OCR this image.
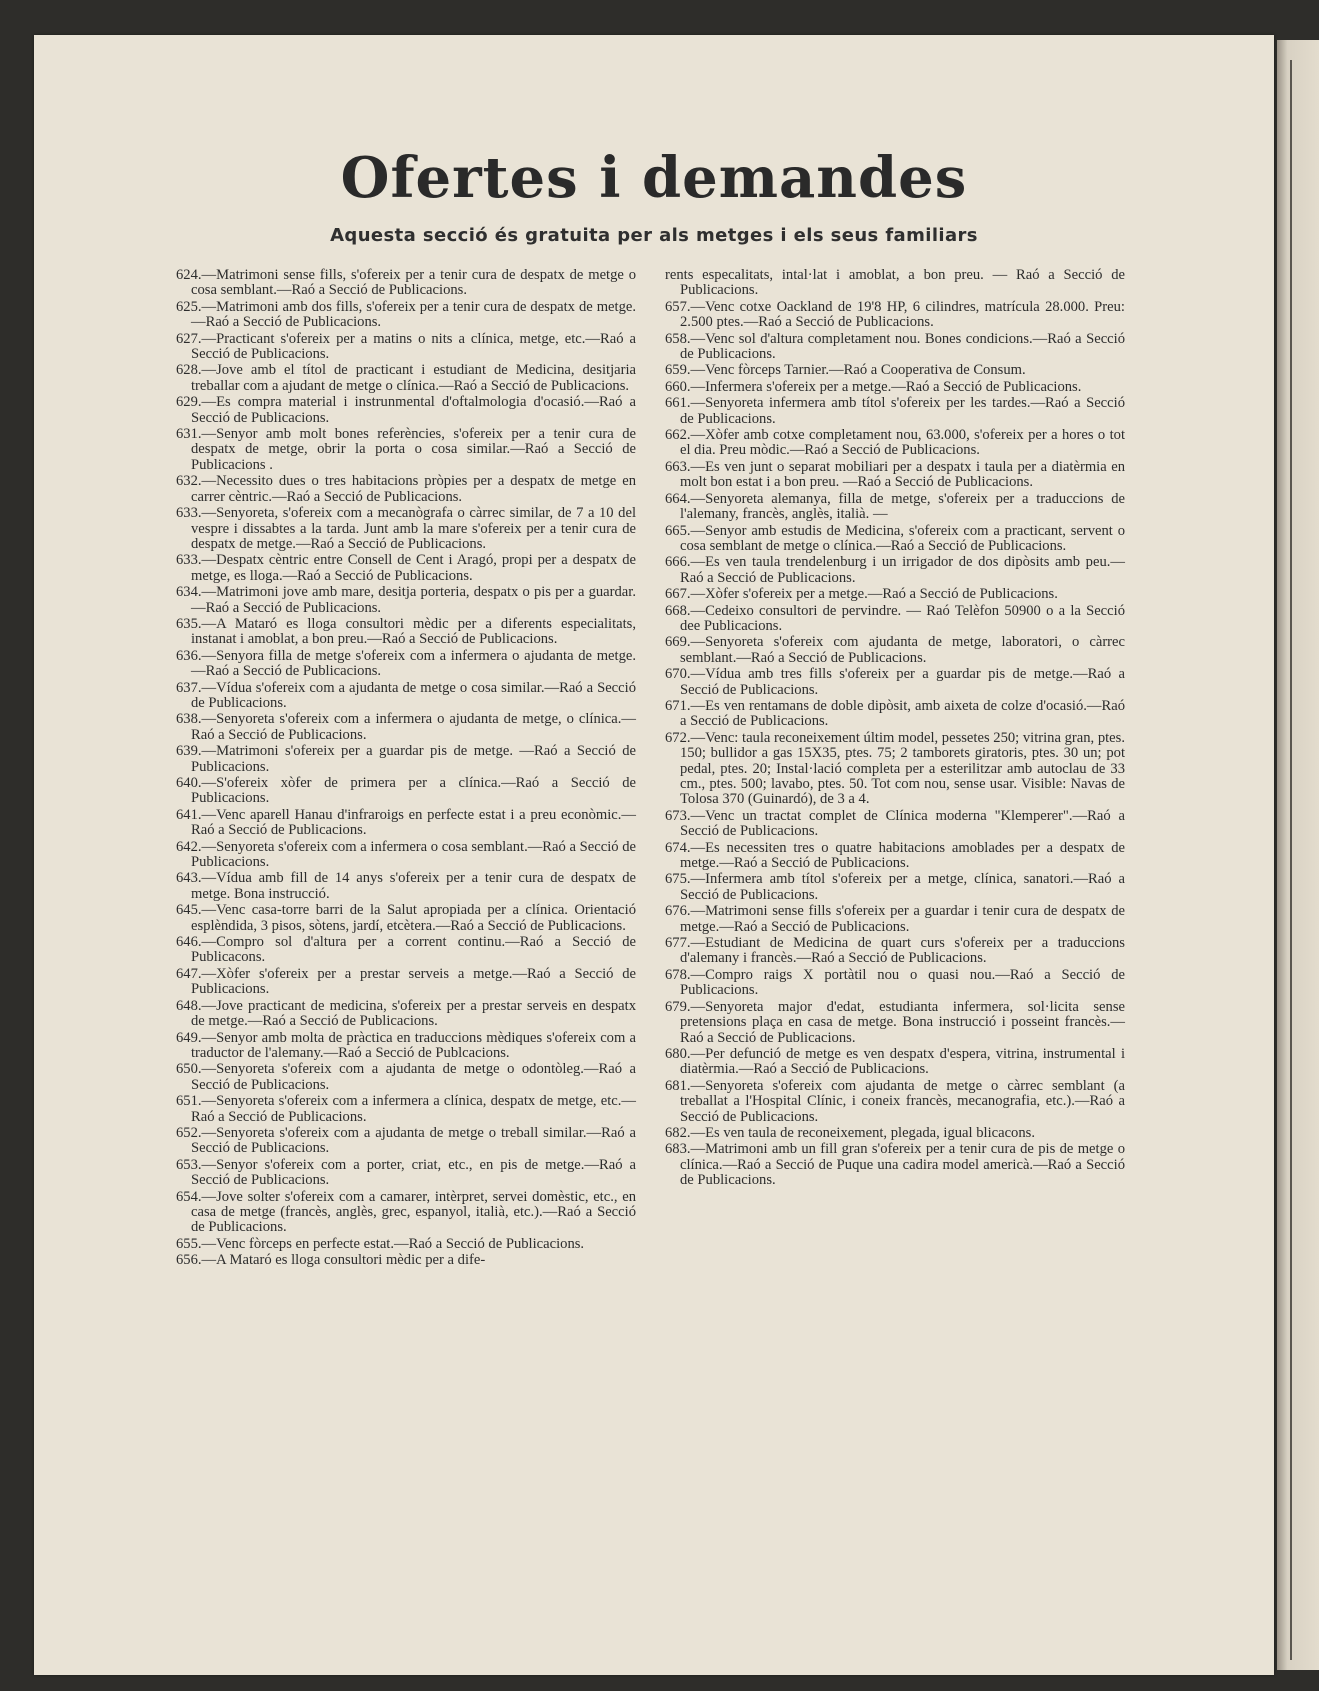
Ofertes i demandes
Aquesta secció és gratuita per als metges i els seus familiars

624.—Matrimoni sense fills, s'ofereix per a tenir cura de despatx de metge o cosa semblant.—Raó a Secció de Publicacions.

625.—Matrimoni amb dos fills, s'ofereix per a tenir cura de despatx de metge.—Raó a Secció de Publicacions.

627.—Practicant s'ofereix per a matins o nits a clínica, metge, etc.—Raó a Secció de Publicacions.

628.—Jove amb el títol de practicant i estudiant de Medicina, desitjaria treballar com a ajudant de metge o clínica.—Raó a Secció de Publicacions.

629.—Es compra material i instrunmental d'oftalmologia d'ocasió.—Raó a Secció de Publicacions.

631.—Senyor amb molt bones referències, s'ofereix per a tenir cura de despatx de metge, obrir la porta o cosa similar.—Raó a Secció de Publicacions .

632.—Necessito dues o tres habitacions pròpies per a despatx de metge en carrer cèntric.—Raó a Secció de Publicacions.

633.—Senyoreta, s'ofereix com a mecanògrafa o càrrec similar, de 7 a 10 del vespre i dissabtes a la tarda. Junt amb la mare s'ofereix per a tenir cura de despatx de metge.—Raó a Secció de Publicacions.

633.—Despatx cèntric entre Consell de Cent i Aragó, propi per a despatx de metge, es lloga.—Raó a Secció de Publicacions.

634.—Matrimoni jove amb mare, desitja porteria, despatx o pis per a guardar.—Raó a Secció de Publicacions.

635.—A Mataró es lloga consultori mèdic per a diferents especialitats, instanat i amoblat, a bon preu.—Raó a Secció de Publicacions.

636.—Senyora filla de metge s'ofereix com a infermera o ajudanta de metge.—Raó a Secció de Publicacions.

637.—Vídua s'ofereix com a ajudanta de metge o cosa similar.—Raó a Secció de Publicacions.

638.—Senyoreta s'ofereix com a infermera o ajudanta de metge, o clínica.—Raó a Secció de Publicacions.

639.—Matrimoni s'ofereix per a guardar pis de metge. —Raó a Secció de Publicacions.

640.—S'ofereix xòfer de primera per a clínica.—Raó a Secció de Publicacions.

641.—Venc aparell Hanau d'infraroigs en perfecte estat i a preu econòmic.—Raó a Secció de Publicacions.

642.—Senyoreta s'ofereix com a infermera o cosa semblant.—Raó a Secció de Publicacions.

643.—Vídua amb fill de 14 anys s'ofereix per a tenir cura de despatx de metge. Bona instrucció.

645.—Venc casa-torre barri de la Salut apropiada per a clínica. Orientació esplèndida, 3 pisos, sòtens, jardí, etcètera.—Raó a Secció de Publicacions.

646.—Compro sol d'altura per a corrent continu.—Raó a Secció de Publicacons.

647.—Xòfer s'ofereix per a prestar serveis a metge.—Raó a Secció de Publicacions.

648.—Jove practicant de medicina, s'ofereix per a prestar serveis en despatx de metge.—Raó a Secció de Publicacions.

649.—Senyor amb molta de pràctica en traduccions mèdiques s'ofereix com a traductor de l'alemany.—Raó a Secció de Publcacions.

650.—Senyoreta s'ofereix com a ajudanta de metge o odontòleg.—Raó a Secció de Publicacions.

651.—Senyoreta s'ofereix com a infermera a clínica, despatx de metge, etc.—Raó a Secció de Publicacions.

652.—Senyoreta s'ofereix com a ajudanta de metge o treball similar.—Raó a Secció de Publicacions.

653.—Senyor s'ofereix com a porter, criat, etc., en pis de metge.—Raó a Secció de Publicacions.

654.—Jove solter s'ofereix com a camarer, intèrpret, servei domèstic, etc., en casa de metge (francès, anglès, grec, espanyol, italià, etc.).—Raó a Secció de Publicacions.

655.—Venc fòrceps en perfecte estat.—Raó a Secció de Publicacions.

656.—A Mataró es lloga consultori mèdic per a dife-

rents especalitats, intal·lat i amoblat, a bon preu. — Raó a Secció de Publicacions.

657.—Venc cotxe Oackland de 19'8 HP, 6 cilindres, matrícula 28.000. Preu: 2.500 ptes.—Raó a Secció de Publicacions.

658.—Venc sol d'altura completament nou. Bones condicions.—Raó a Secció de Publicacions.

659.—Venc fòrceps Tarnier.—Raó a Cooperativa de Consum.

660.—Infermera s'ofereix per a metge.—Raó a Secció de Publicacions.

661.—Senyoreta infermera amb títol s'ofereix per les tardes.—Raó a Secció de Publicacions.

662.—Xòfer amb cotxe completament nou, 63.000, s'ofereix per a hores o tot el dia. Preu mòdic.—Raó a Secció de Publicacions.

663.—Es ven junt o separat mobiliari per a despatx i taula per a diatèrmia en molt bon estat i a bon preu. —Raó a Secció de Publicacions.

664.—Senyoreta alemanya, filla de metge, s'ofereix per a traduccions de l'alemany, francès, anglès, italià. —

665.—Senyor amb estudis de Medicina, s'ofereix com a practicant, servent o cosa semblant de metge o clínica.—Raó a Secció de Publicacions.

666.—Es ven taula trendelenburg i un irrigador de dos dipòsits amb peu.—Raó a Secció de Publicacions.

667.—Xòfer s'ofereix per a metge.—Raó a Secció de Publicacions.

668.—Cedeixo consultori de pervindre. — Raó Telèfon 50900 o a la Secció dee Publicacions.

669.—Senyoreta s'ofereix com ajudanta de metge, laboratori, o càrrec semblant.—Raó a Secció de Publicacions.

670.—Vídua amb tres fills s'ofereix per a guardar pis de metge.—Raó a Secció de Publicacions.

671.—Es ven rentamans de doble dipòsit, amb aixeta de colze d'ocasió.—Raó a Secció de Publicacions.

672.—Venc: taula reconeixement últim model, pessetes 250; vitrina gran, ptes. 150; bullidor a gas 15X35, ptes. 75; 2 tamborets giratoris, ptes. 30 un; pot pedal, ptes. 20; Instal·lació completa per a esterilitzar amb autoclau de 33 cm., ptes. 500; lavabo, ptes. 50. Tot com nou, sense usar. Visible: Navas de Tolosa 370 (Guinardó), de 3 a 4.

673.—Venc un tractat complet de Clínica moderna "Klemperer".—Raó a Secció de Publicacions.

674.—Es necessiten tres o quatre habitacions amoblades per a despatx de metge.—Raó a Secció de Publicacions.

675.—Infermera amb títol s'ofereix per a metge, clínica, sanatori.—Raó a Secció de Publicacions.

676.—Matrimoni sense fills s'ofereix per a guardar i tenir cura de despatx de metge.—Raó a Secció de Publicacions.

677.—Estudiant de Medicina de quart curs s'ofereix per a traduccions d'alemany i francès.—Raó a Secció de Publicacions.

678.—Compro raigs X portàtil nou o quasi nou.—Raó a Secció de Publicacions.

679.—Senyoreta major d'edat, estudianta infermera, sol·licita sense pretensions plaça en casa de metge. Bona instrucció i posseint francès.—Raó a Secció de Publicacions.

680.—Per defunció de metge es ven despatx d'espera, vitrina, instrumental i diatèrmia.—Raó a Secció de Publicacions.

681.—Senyoreta s'ofereix com ajudanta de metge o càrrec semblant (a treballat a l'Hospital Clínic, i coneix francès, mecanografia, etc.).—Raó a Secció de Publicacions.

682.—Es ven taula de reconeixement, plegada, igual blicacons.

683.—Matrimoni amb un fill gran s'ofereix per a tenir cura de pis de metge o clínica.—Raó a Secció de Puque una cadira model americà.—Raó a Secció de Publicacions.
